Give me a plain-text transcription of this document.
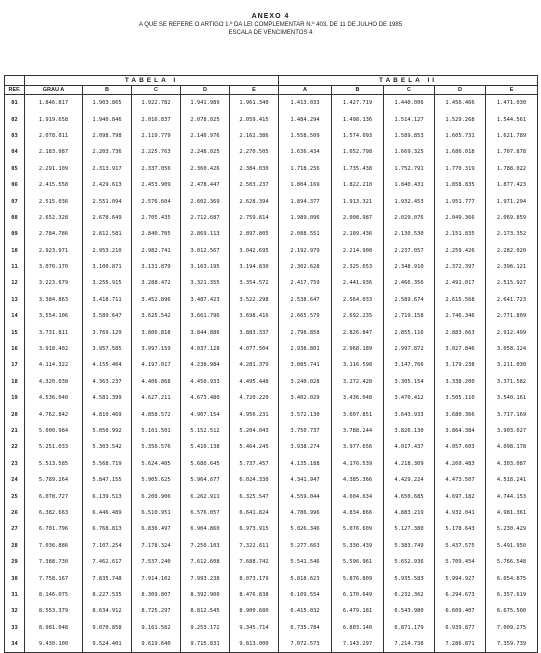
ANEXO 4
A QUE SE REFERE O ARTIGO 1.º DA LEI COMPLEMENTAR N.º 403, DE 11 DE JULHO DE 1985
ESCALA DE VENCIMENTOS 4
	TABELA I					TABELA II				
REF.	GRAU A	B	C	D	E	A	B	C	D	E
01	1.846.817	1.903.865	1.922.782	1.941.989	1.961.340	1.413.033	1.427.719	1.440.006	1.456.466	1.471.030
02	1.919.658	1.940.846	2.016.837	2.078.025	2.059.415	1.484.294	1.498.136	1.514.127	1.529.268	1.544.561
03	2.078.011	2.098.798	2.119.779	2.140.976	2.162.386	1.558.509	1.574.093	1.589.853	1.605.731	1.621.789
04	2.183.987	2.203.736	2.225.763	2.248.025	2.270.505	1.636.434	1.652.798	1.669.325	1.686.018	1.707.878
05	2.291.109	2.313.917	2.337.056	2.360.426	2.384.030	1.718.256	1.735.438	1.752.791	1.770.319	1.788.022
06	2.415.558	2.429.613	2.453.909	2.478.447	2.503.237	1.804.169	1.822.210	1.840.431	1.858.835	1.877.423
07	2.515.036	2.551.094	2.576.604	2.602.369	2.628.394	1.894.377	1.913.321	1.932.453	1.951.777	1.971.294
08	2.652.328	2.678.649	2.705.435	2.712.687	2.759.814	1.989.096	2.008.987	2.029.076	2.049.366	2.069.859
09	2.784.786	2.812.581	2.840.705	2.869.113	2.897.805	2.088.551	2.109.436	2.130.530	2.151.835	2.173.352
10	2.923.971	2.953.210	2.982.741	3.012.567	3.042.695	2.192.979	2.214.908	2.237.057	2.259.426	2.282.020
11	3.070.170	3.100.871	3.131.879	3.163.195	3.194.830	2.302.628	2.325.653	2.348.910	2.372.397	2.396.121
12	3.223.679	3.255.915	3.288.472	3.321.355	3.354.572	2.417.759	2.441.936	2.466.356	2.491.017	2.515.927
13	3.384.863	3.418.711	3.452.896	3.487.423	3.522.298	2.538.647	2.564.033	2.589.674	2.615.568	2.641.723
14	3.554.106	3.589.647	3.625.542	3.661.796	3.698.416	2.665.579	2.692.235	2.719.158	2.746.346	2.771.809
15	3.731.811	3.769.129	3.806.818	3.844.886	3.883.337	2.798.858	2.826.847	2.855.116	2.883.663	2.912.499
16	3.918.402	3.957.585	3.997.159	4.037.128	4.077.504	2.938.801	2.968.189	2.997.872	3.027.846	3.058.124
17	4.114.322	4.155.464	4.197.017	4.238.984	4.281.379	3.085.741	3.116.598	3.147.766	3.179.238	3.211.030
18	4.320.038	4.363.237	4.406.868	4.450.933	4.495.448	3.240.028	3.272.428	3.305.154	3.338.200	3.371.582
19	4.536.040	4.581.399	4.627.211	4.673.480	4.720.220	3.402.029	3.436.048	3.470.412	3.505.110	3.540.161
20	4.762.842	4.810.469	4.858.572	4.907.154	4.956.231	3.572.130	3.607.851	3.643.933	3.680.366	3.717.169
21	5.000.984	5.050.992	5.101.501	5.152.512	5.204.043	3.750.737	3.788.244	3.826.130	3.864.384	3.903.027
22	5.251.033	5.303.542	5.356.576	5.410.138	5.464.245	3.938.274	3.977.656	4.017.437	4.057.603	4.098.178
23	5.513.585	5.568.719	5.624.405	5.680.645	5.737.457	4.135.188	4.176.539	4.218.309	4.260.483	4.303.087
24	5.789.264	5.847.155	5.905.625	5.964.677	6.024.330	4.341.947	4.385.366	4.429.224	4.473.507	4.518.241
25	6.078.727	6.139.513	6.200.906	6.262.911	6.325.547	4.559.044	4.604.634	4.650.685	4.697.182	4.744.153
26	6.382.663	6.446.489	6.510.951	6.576.057	6.641.824	4.786.996	4.834.866	4.883.219	4.932.041	4.981.361
27	6.701.796	6.768.813	6.836.497	6.904.860	6.973.915	5.026.346	5.076.609	5.127.380	5.178.643	5.230.429
28	7.036.886	7.107.254	7.178.324	7.250.103	7.322.611	5.277.663	5.330.439	5.383.749	5.437.575	5.491.950
29	7.388.730	7.462.617	7.537.240	7.612.608	7.688.742	5.541.546	5.596.961	5.652.936	5.709.454	5.766.548
30	7.758.167	7.835.748	7.914.102	7.993.238	8.073.179	5.818.623	5.876.809	5.935.583	5.994.927	6.054.875
31	8.146.075	8.227.535	8.309.807	8.392.900	8.476.838	6.109.554	6.170.649	6.232.362	6.294.673	6.357.619
32	8.553.379	8.634.912	8.725.297	8.812.545	8.900.680	6.415.032	6.479.181	6.543.980	6.609.407	6.675.500
33	8.981.048	9.070.858	9.161.562	9.253.172	9.345.714	6.735.784	6.803.140	6.871.179	6.939.877	7.009.275
34	9.430.100	9.524.401	9.619.640	9.715.831	9.813.000	7.072.573	7.143.297	7.214.738	7.286.871	7.359.739
